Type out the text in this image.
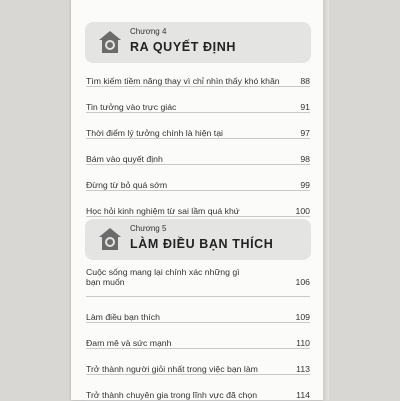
Chương 4
RA QUYẾT ĐỊNH
Tìm kiếm tiềm năng thay vì chỉ nhìn thấy khó khăn	88
Tin tưởng vào trực giác	91
Thời điểm lý tưởng chính là hiện tại	97
Bám vào quyết định	98
Đừng từ bỏ quá sớm	99
Học hỏi kinh nghiệm từ sai lầm quá khứ	100
Chương 5
LÀM ĐIỀU BẠN THÍCH
Cuộc sống mang lại chính xác những gì
bạn muốn	106
Làm điều bạn thích	109
Đam mê và sức mạnh	110
Trở thành người giỏi nhất trong việc bạn làm	113
Trở thành chuyên gia trong lĩnh vực đã chọn	114
